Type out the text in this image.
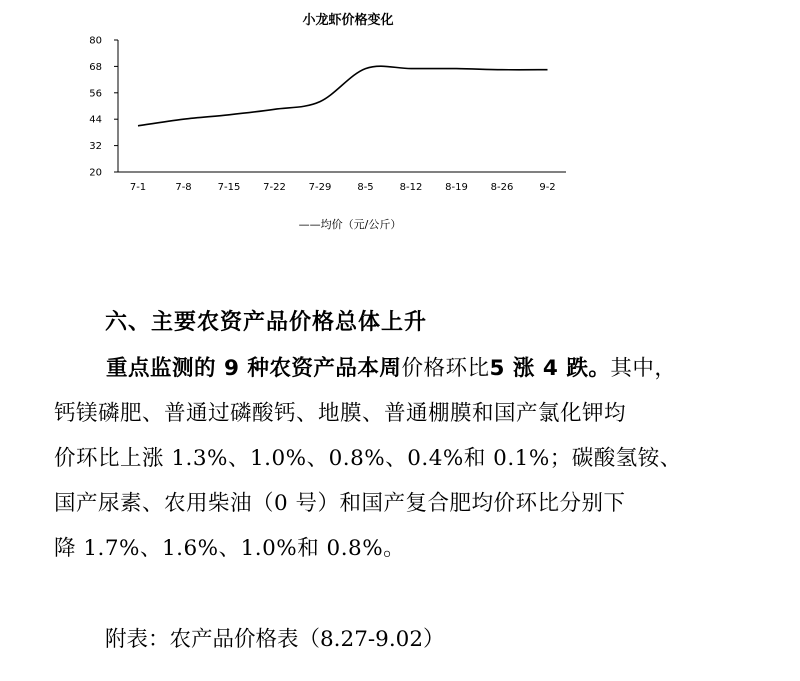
小龙虾价格变化
20
32
44
56
68
80
7-1	7-8	7-15 7-22 7-29	8-5	8-12 8-19 8-26	9-2
——均价（元/公斤）
六、主要农资产品价格总体上升

重点监测的 9 种农资产品本周价格环比5 涨 4 跌。其中，

钙镁磷肥、普通过磷酸钙、地膜、普通棚膜和国产氯化钾均

价环比上涨 1.3%、1.0%、0.8%、0.4%和 0.1%；碳酸氢铵、

国产尿素、农用柴油（0 号）和国产复合肥均价环比分别下

降 1.7%、1.6%、1.0%和 0.8%。

附表：农产品价格表（8.27-9.02）
